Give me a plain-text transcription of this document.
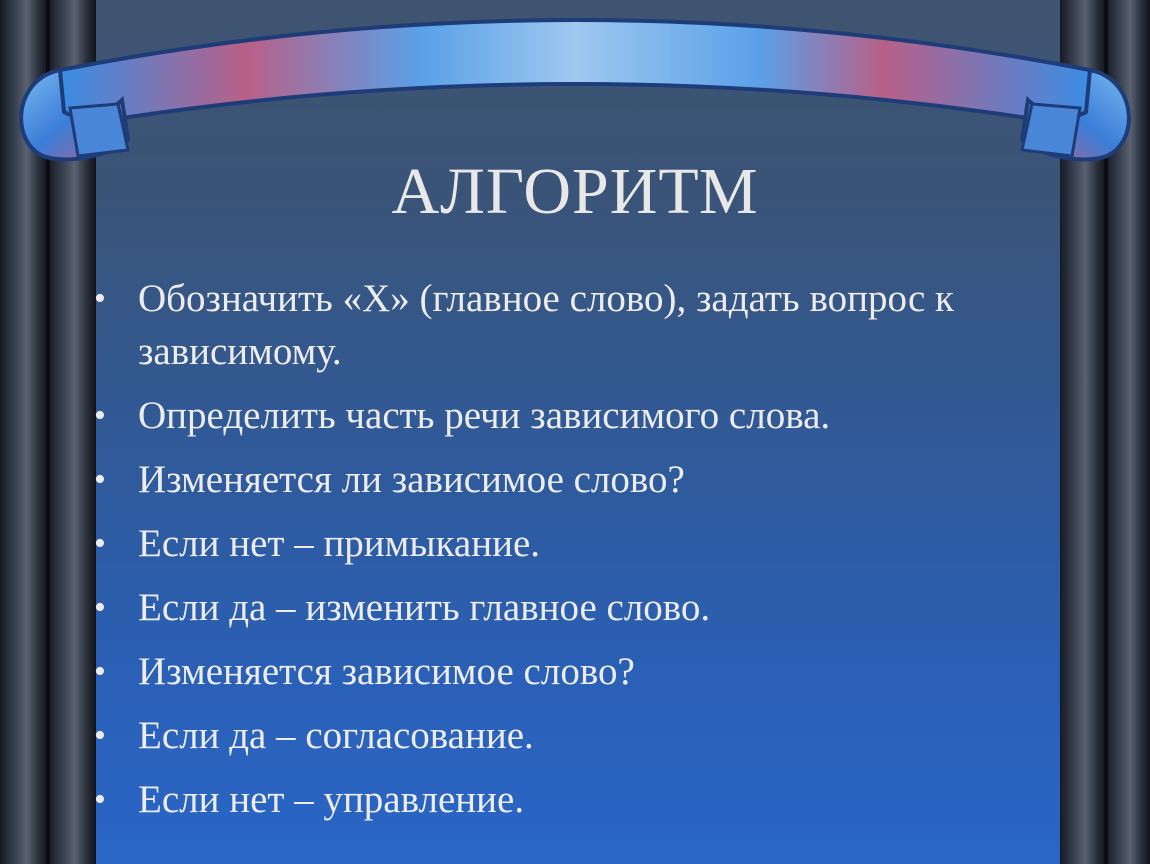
АЛГОРИТМ
• Обозначить «Х» (главное слово), задать вопрос к зависимому.
• Определить часть речи зависимого слова.
• Изменяется ли зависимое слово?
• Если нет – примыкание.
• Если да – изменить главное слово.
• Изменяется зависимое слово?
• Если да – согласование.
• Если нет – управление.
